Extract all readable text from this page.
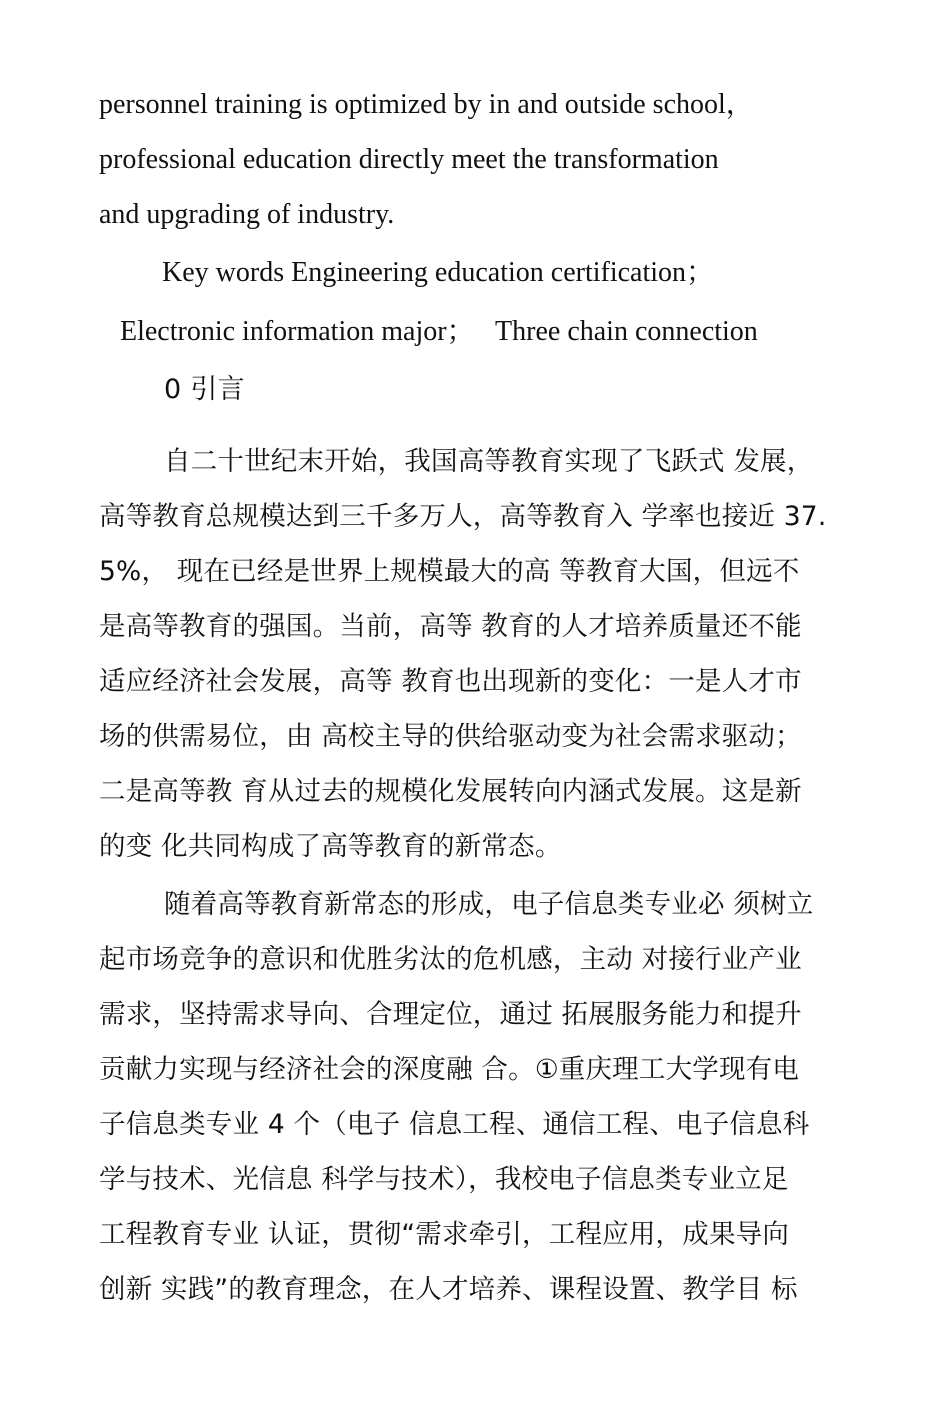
personnel training is optimized by in and outside school，

professional education directly meet the transformation

and upgrading of industry.

Key words Engineering education certification；

Electronic information major；   Three chain connection

0 引言

自二十世纪末开始，我国高等教育实现了飞跃式 发展，

高等教育总规模达到三千多万人，高等教育入 学率也接近 37.

5%， 现在已经是世界上规模最大的高 等教育大国，但远不

是高等教育的强国。当前，高等 教育的人才培养质量还不能

适应经济社会发展，高等 教育也出现新的变化：一是人才市

场的供需易位，由 高校主导的供给驱动变为社会需求驱动；

二是高等教 育从过去的规模化发展转向内涵式发展。这是新

的变 化共同构成了高等教育的新常态。

随着高等教育新常态的形成，电子信息类专业必 须树立

起市场竞争的意识和优胜劣汰的危机感，主动 对接行业产业

需求，坚持需求导向、合理定位，通过 拓展服务能力和提升

贡献力实现与经济社会的深度融 合。①重庆理工大学现有电

子信息类专业 4 个（电子 信息工程、通信工程、电子信息科

学与技术、光信息 科学与技术），我校电子信息类专业立足

工程教育专业 认证，贯彻“需求牵引，工程应用，成果导向

创新 实践”的教育理念，在人才培养、课程设置、教学目 标
